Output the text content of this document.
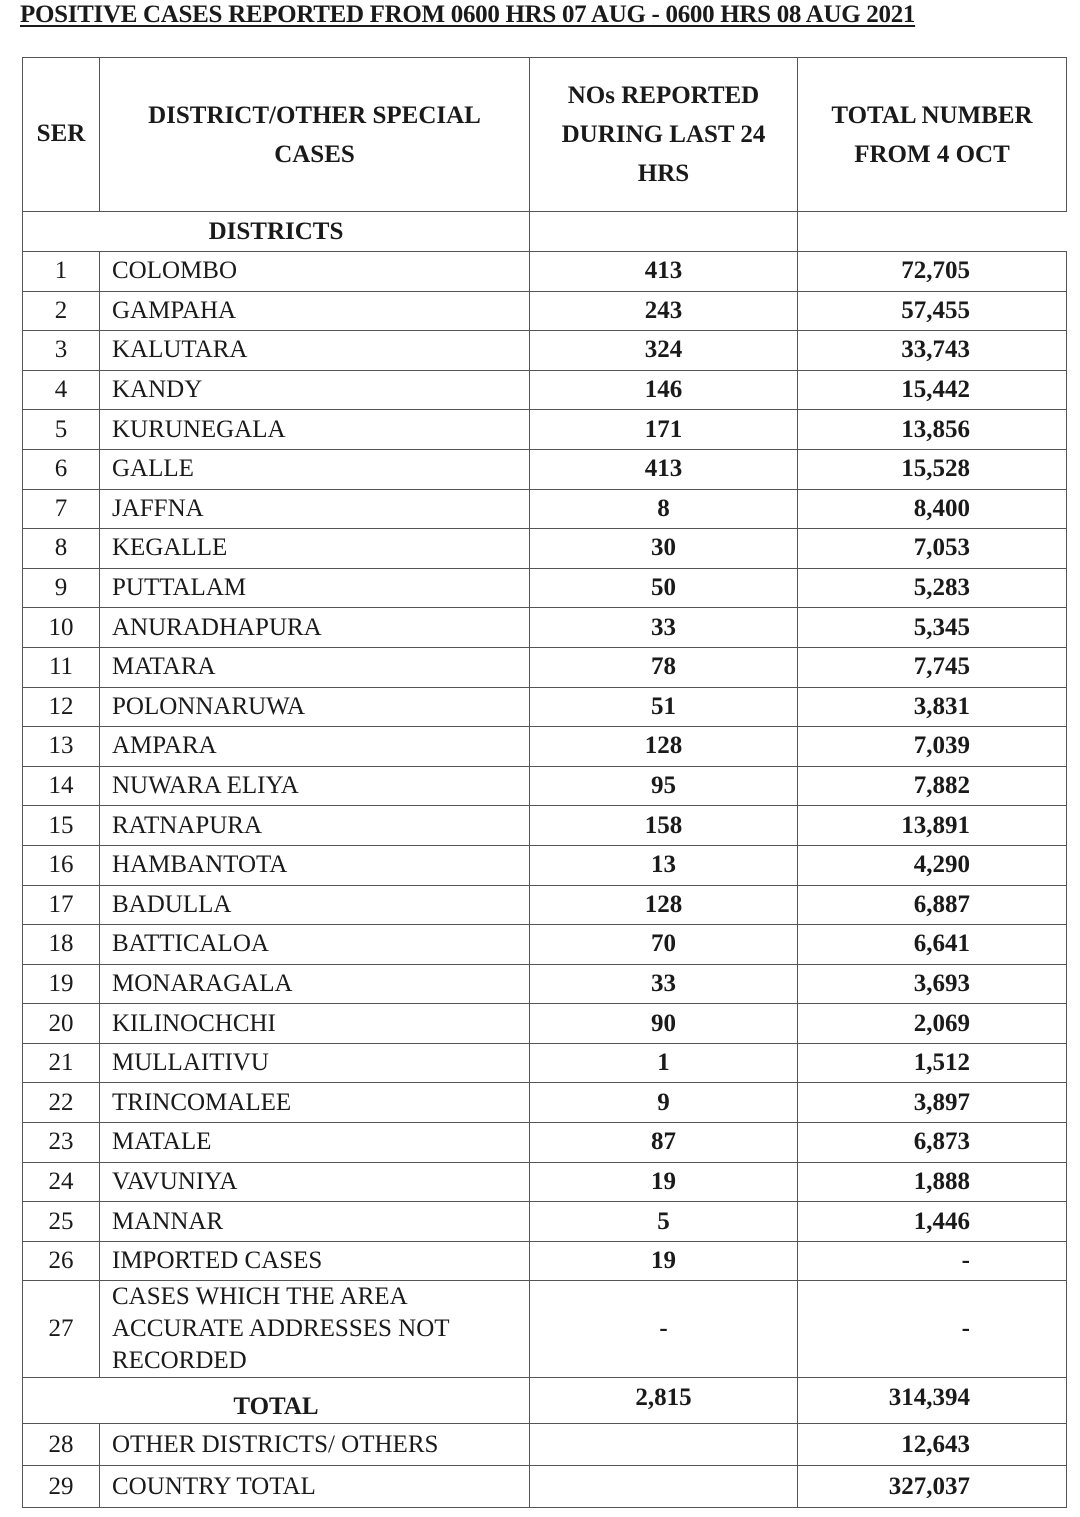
POSITIVE CASES REPORTED FROM 0600 HRS 07 AUG - 0600 HRS 08 AUG 2021
SER	DISTRICT/OTHER SPECIAL CASES	NOs REPORTED DURING LAST 24 HRS	TOTAL NUMBER FROM 4 OCT
DISTRICTS			
1	COLOMBO	413	72,705
2	GAMPAHA	243	57,455
3	KALUTARA	324	33,743
4	KANDY	146	15,442
5	KURUNEGALA	171	13,856
6	GALLE	413	15,528
7	JAFFNA	8	8,400
8	KEGALLE	30	7,053
9	PUTTALAM	50	5,283
10	ANURADHAPURA	33	5,345
11	MATARA	78	7,745
12	POLONNARUWA	51	3,831
13	AMPARA	128	7,039
14	NUWARA ELIYA	95	7,882
15	RATNAPURA	158	13,891
16	HAMBANTOTA	13	4,290
17	BADULLA	128	6,887
18	BATTICALOA	70	6,641
19	MONARAGALA	33	3,693
20	KILINOCHCHI	90	2,069
21	MULLAITIVU	1	1,512
22	TRINCOMALEE	9	3,897
23	MATALE	87	6,873
24	VAVUNIYA	19	1,888
25	MANNAR	5	1,446
26	IMPORTED CASES	19	-
27	CASES WHICH THE AREA
ACCURATE ADDRESSES NOT
RECORDED	-	-
TOTAL		2,815	314,394
28	OTHER DISTRICTS/ OTHERS		12,643
29	COUNTRY TOTAL		327,037
